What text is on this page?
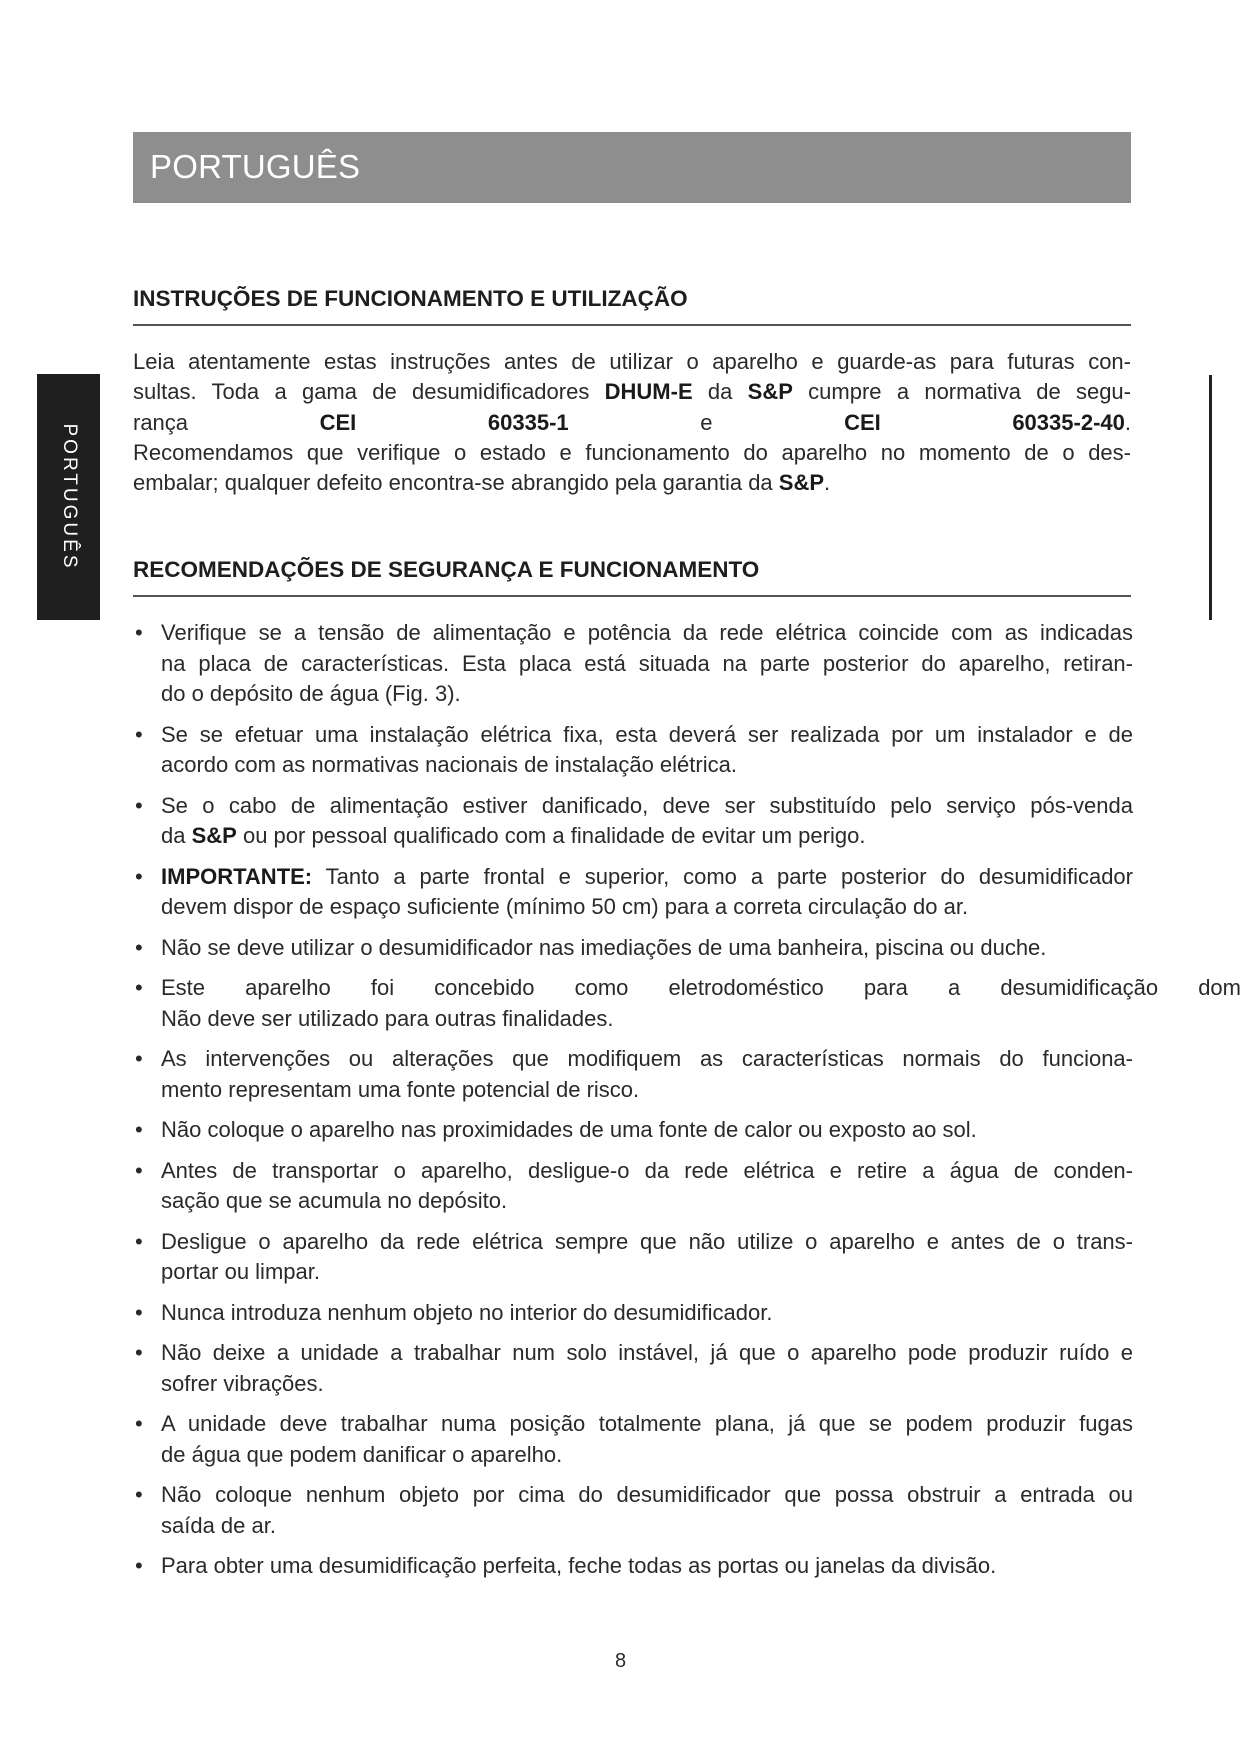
PORTUGUÊS
PORTUGUÊS
INSTRUÇÕES DE FUNCIONAMENTO E UTILIZAÇÃO
Leia atentamente estas instruções antes de utilizar o aparelho e guarde-as para futuras con-
sultas. Toda a gama de desumidificadores DHUM-E da S&P cumpre a normativa de segu-
rança CEI 60335-1 e CEI 60335-2-40.
Recomendamos que verifique o estado e funcionamento do aparelho no momento de o des-
embalar; qualquer defeito encontra-se abrangido pela garantia da S&P.
RECOMENDAÇÕES DE SEGURANÇA E FUNCIONAMENTO
• Verifique se a tensão de alimentação e potência da rede elétrica coincide com as indicadas
na placa de características. Esta placa está situada na parte posterior do aparelho, retiran-
do o depósito de água (Fig. 3).
• Se se efetuar uma instalação elétrica fixa, esta deverá ser realizada por um instalador e de
acordo com as normativas nacionais de instalação elétrica.
• Se o cabo de alimentação estiver danificado, deve ser substituído pelo serviço pós-venda
da S&P ou por pessoal qualificado com a finalidade de evitar um perigo.
• IMPORTANTE: Tanto a parte frontal e superior, como a parte posterior do desumidificador
devem dispor de espaço suficiente (mínimo 50 cm) para a correta circulação do ar.
• Não se deve utilizar o desumidificador nas imediações de uma banheira, piscina ou duche.
• Este aparelho foi concebido como eletrodoméstico para a desumidificação dom
Não deve ser utilizado para outras finalidades.
• As intervenções ou alterações que modifiquem as características normais do funciona-
mento representam uma fonte potencial de risco.
• Não coloque o aparelho nas proximidades de uma fonte de calor ou exposto ao sol.
• Antes de transportar o aparelho, desligue-o da rede elétrica e retire a água de conden-
sação que se acumula no depósito.
• Desligue o aparelho da rede elétrica sempre que não utilize o aparelho e antes de o trans-
portar ou limpar.
• Nunca introduza nenhum objeto no interior do desumidificador.
• Não deixe a unidade a trabalhar num solo instável, já que o aparelho pode produzir ruído e
sofrer vibrações.
• A unidade deve trabalhar numa posição totalmente plana, já que se podem produzir fugas
de água que podem danificar o aparelho.
• Não coloque nenhum objeto por cima do desumidificador que possa obstruir a entrada ou
saída de ar.
• Para obter uma desumidificação perfeita, feche todas as portas ou janelas da divisão.
8
